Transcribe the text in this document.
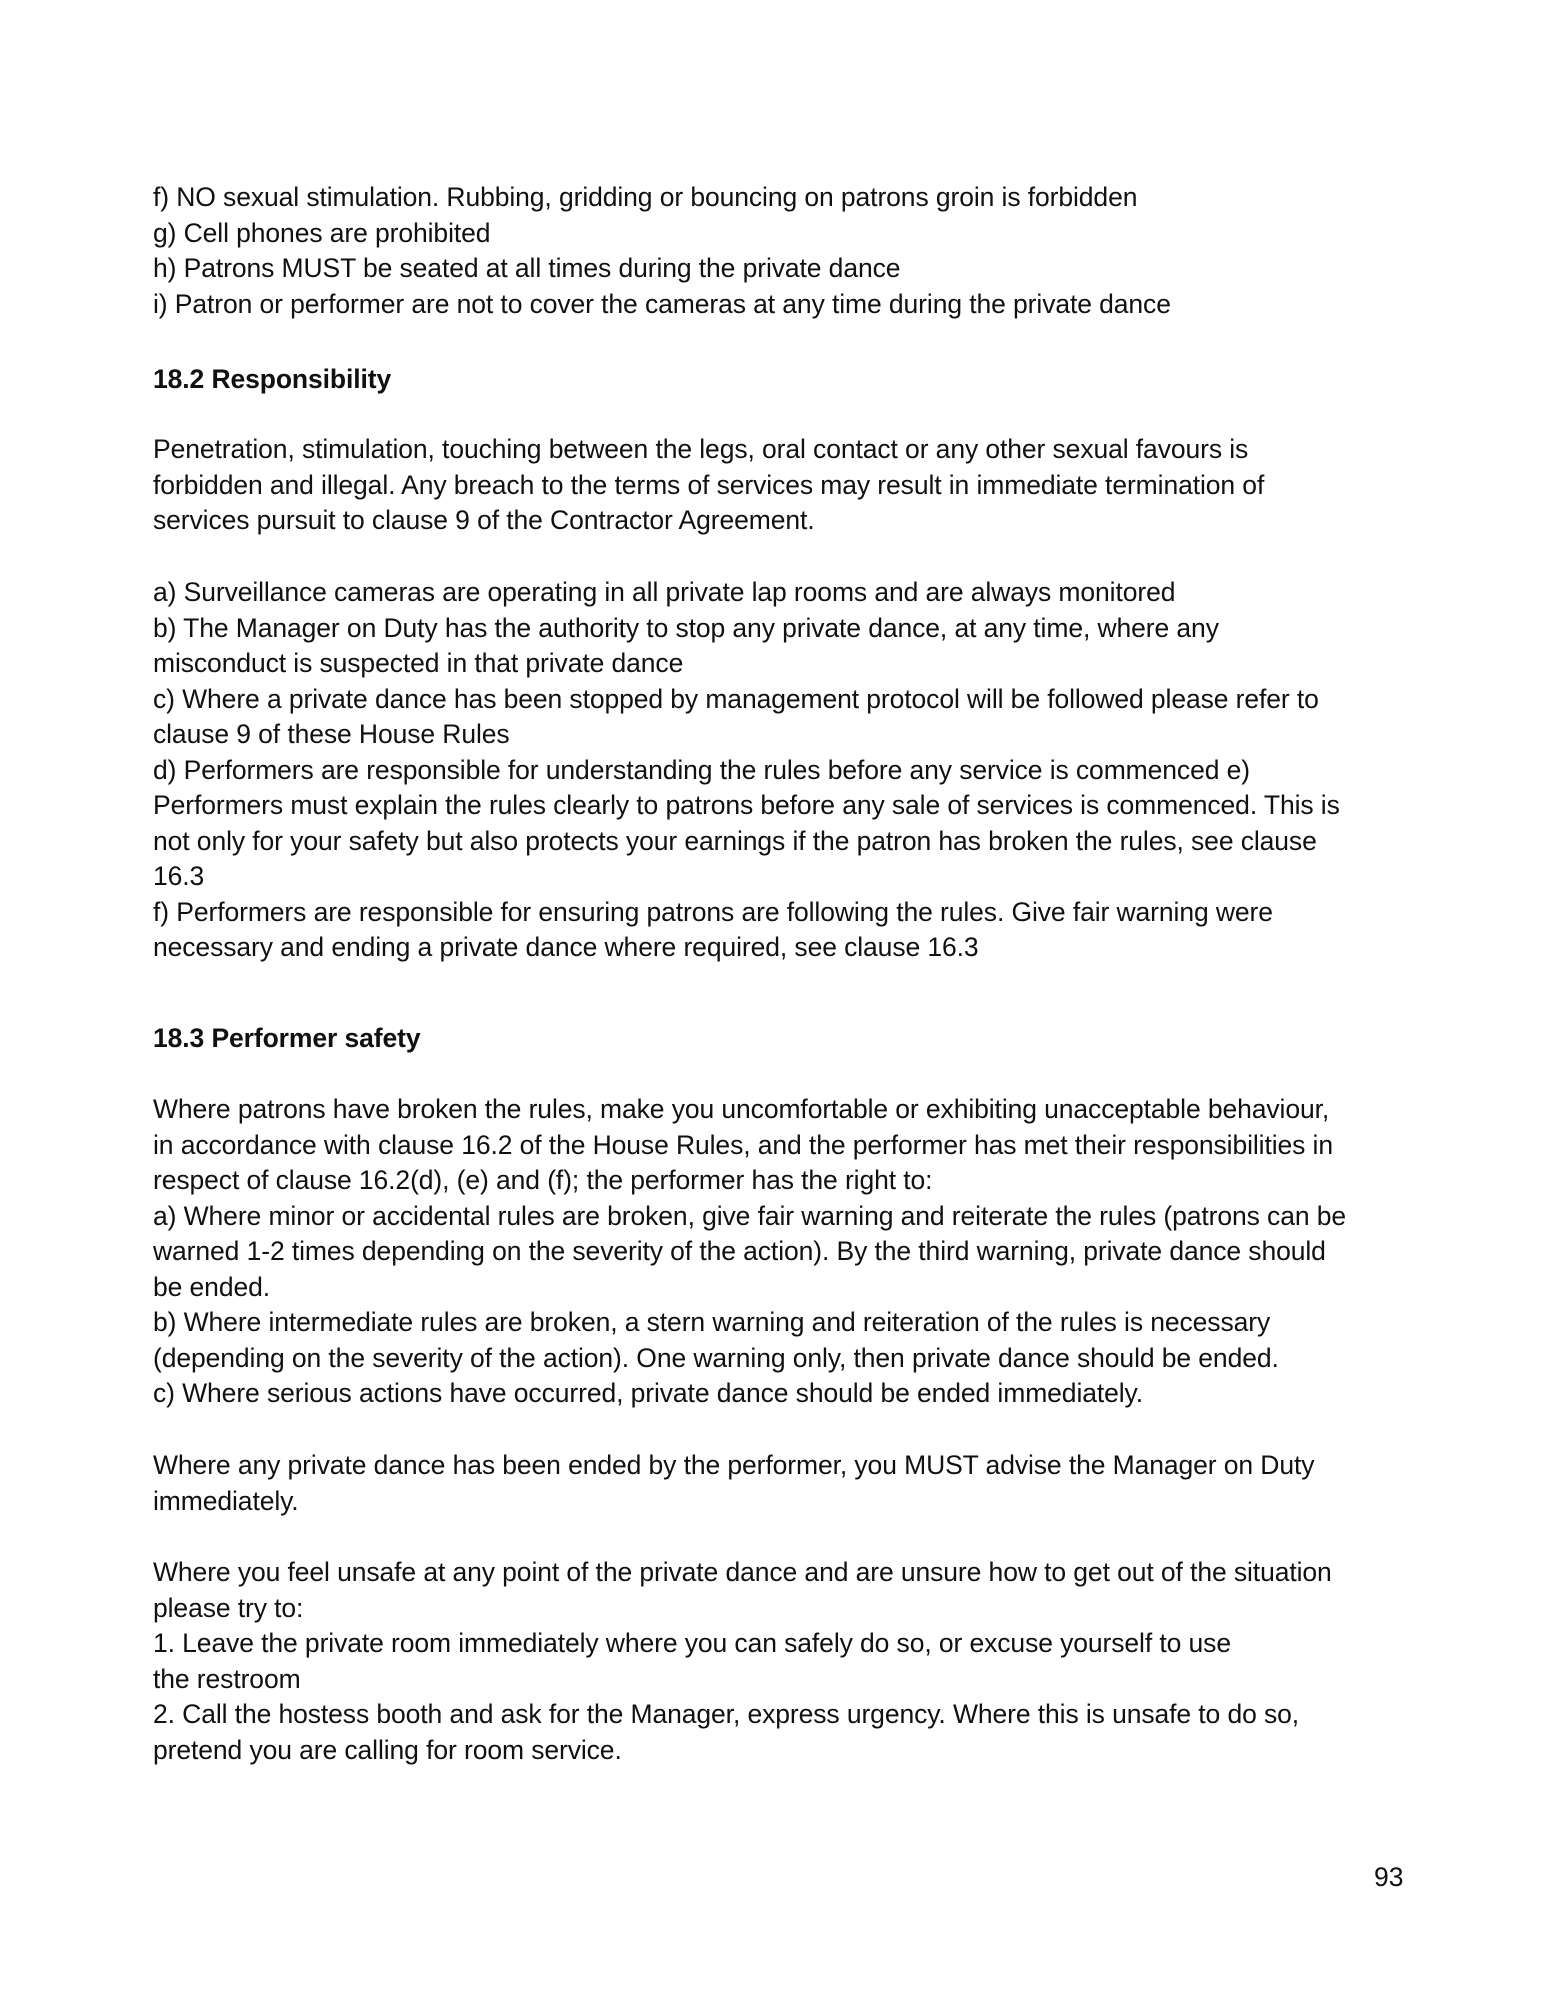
f) NO sexual stimulation. Rubbing, gridding or bouncing on patrons groin is forbidden
g) Cell phones are prohibited
h) Patrons MUST be seated at all times during the private dance
i) Patron or performer are not to cover the cameras at any time during the private dance
18.2 Responsibility
Penetration, stimulation, touching between the legs, oral contact or any other sexual favours is
forbidden and illegal. Any breach to the terms of services may result in immediate termination of
services pursuit to clause 9 of the Contractor Agreement.
a) Surveillance cameras are operating in all private lap rooms and are always monitored
b) The Manager on Duty has the authority to stop any private dance, at any time, where any
misconduct is suspected in that private dance
c) Where a private dance has been stopped by management protocol will be followed please refer to
clause 9 of these House Rules
d) Performers are responsible for understanding the rules before any service is commenced e)
Performers must explain the rules clearly to patrons before any sale of services is commenced. This is
not only for your safety but also protects your earnings if the patron has broken the rules, see clause
16.3
f) Performers are responsible for ensuring patrons are following the rules. Give fair warning were
necessary and ending a private dance where required, see clause 16.3
18.3 Performer safety
Where patrons have broken the rules, make you uncomfortable or exhibiting unacceptable behaviour,
in accordance with clause 16.2 of the House Rules, and the performer has met their responsibilities in
respect of clause 16.2(d), (e) and (f); the performer has the right to:
a) Where minor or accidental rules are broken, give fair warning and reiterate the rules (patrons can be
warned 1-2 times depending on the severity of the action). By the third warning, private dance should
be ended.
b) Where intermediate rules are broken, a stern warning and reiteration of the rules is necessary
(depending on the severity of the action). One warning only, then private dance should be ended.
c) Where serious actions have occurred, private dance should be ended immediately.
Where any private dance has been ended by the performer, you MUST advise the Manager on Duty
immediately.
Where you feel unsafe at any point of the private dance and are unsure how to get out of the situation
please try to:
1. Leave the private room immediately where you can safely do so, or excuse yourself to use
the restroom
2. Call the hostess booth and ask for the Manager, express urgency. Where this is unsafe to do so,
pretend you are calling for room service.
93
